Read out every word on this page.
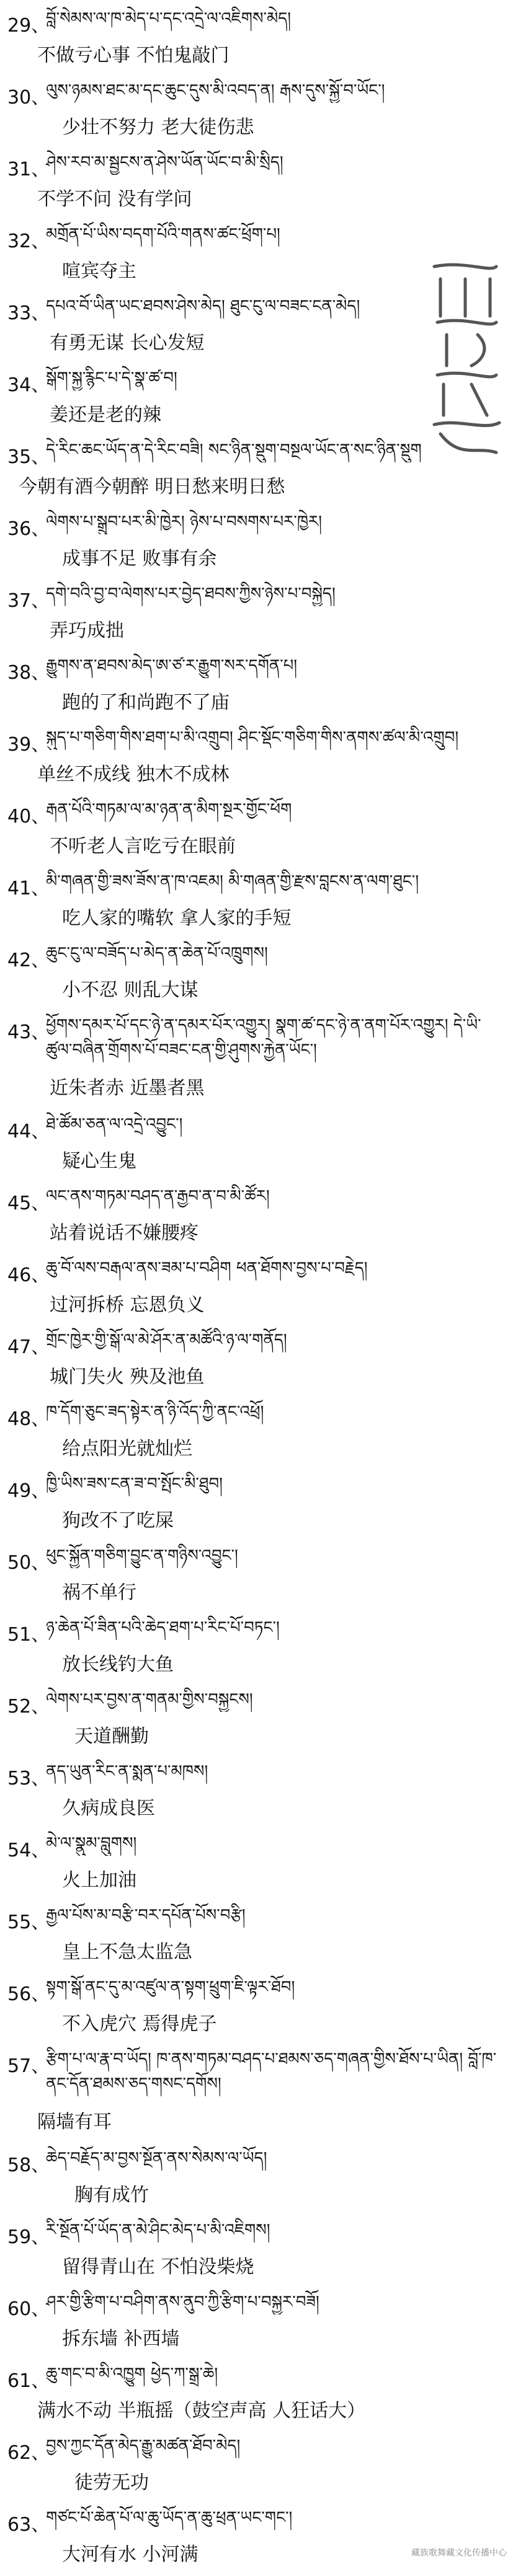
29、
བློ་སེམས་ལ་ཁ་མེད་པ་དང་འདྲེ་ལ་འཇིགས་མེད།
不做亏心事 不怕鬼敲门
30、
ལུས་ཉམས་ཐང་མ་དང་ཆུང་དུས་མི་འབད་ན། རྒས་དུས་སྐྱོ་བ་ཡོང་།
少壮不努力 老大徒伤悲
31、
ཤེས་རབ་མ་སྦྱངས་ན་ཤེས་ཡོན་ཡོང་བ་མི་སྲིད།
不学不问 没有学问
32、
མགྲོན་པོ་ཡིས་བདག་པོའི་གནས་ཚང་ཕྲོག་པ།
喧宾夺主
33、
དཔའ་བོ་ཡིན་ཡང་ཐབས་ཤེས་མེད། ཐུང་ངུ་ལ་བཟང་ངན་མེད།
有勇无谋 长心发短
34、
སྒོག་སྐྱ་རྙིང་པ་དེ་སྣ་ཚ་བ།
姜还是老的辣
35、
དེ་རིང་ཆང་ཡོད་ན་དེ་རིང་བཟི། སང་ཉིན་སྡུག་བསྔལ་ཡོང་ན་སང་ཉིན་སྡུག
今朝有酒今朝醉 明日愁来明日愁
36、
ལེགས་པ་སྒྲུབ་པར་མི་ཁྱེར། ཉེས་པ་བསགས་པར་ཁྱེར།
成事不足 败事有余
37、
དགེ་བའི་བྱ་བ་ལེགས་པར་བྱེད་ཐབས་ཀྱིས་ཉེས་པ་བསྐྱེད།
弄巧成拙
38、
རྒྱུགས་ན་ཐབས་མེད་ཨ་ཙ་ར་རྒྱུག་སར་དགོན་པ།
跑的了和尚跑不了庙
39、
སྐུད་པ་གཅིག་གིས་ཐག་པ་མི་འགྲུབ། ཤིང་སྡོང་གཅིག་གིས་ནགས་ཚལ་མི་འགྲུབ།
单丝不成线 独木不成林
40、
རྒན་པོའི་གཏམ་ལ་མ་ཉན་ན་མིག་སྔར་གྱོང་ཕོག
不听老人言吃亏在眼前
41、
མི་གཞན་གྱི་ཟས་ཟོས་ན་ཁ་འཇམ། མི་གཞན་གྱི་རྫས་བླངས་ན་ལག་ཐུང་།
吃人家的嘴软 拿人家的手短
42、
ཆུང་ངུ་ལ་བཟོད་པ་མེད་ན་ཆེན་པོ་འཁྲུགས།
小不忍 则乱大谋
43、
ཕྱོགས་དམར་པོ་དང་ཉེ་ན་དམར་པོར་འགྱུར། སྣག་ཚ་དང་ཉེ་ན་ནག་པོར་འགྱུར། དེ་ཡི་ཚུལ་བཞིན་གྲོགས་པོ་བཟང་ངན་གྱི་ཤུགས་རྐྱེན་ཡོང་།
近朱者赤 近墨者黑
44、
ཐེ་ཚོམ་ཅན་ལ་འདྲེ་འབྱུང་།
疑心生鬼
45、
ལང་ནས་གཏམ་བཤད་ན་རྒྱབ་ན་བ་མི་ཚོར།
站着说话不嫌腰疼
46、
ཆུ་བོ་ལས་བརྒལ་ནས་ཟམ་པ་བཤིག ཕན་ཐོགས་བྱས་པ་བརྗེད།
过河拆桥 忘恩负义
47、
གྲོང་ཁྱེར་གྱི་སྒོ་ལ་མེ་ཤོར་ན་མཚོའི་ཉ་ལ་གནོད།
城门失火 殃及池鱼
48、
ཁ་དོག་ཅུང་ཟད་སྟེར་ན་ཉི་འོད་ཀྱི་ནང་འཕྲོ།
给点阳光就灿烂
49、
ཁྱི་ཡིས་ཟས་ངན་ཟ་བ་སྤོང་མི་ཐུབ།
狗改不了吃屎
50、
ཕུང་སྐྱོན་གཅིག་བྱུང་ན་གཉིས་འབྱུང་།
祸不单行
51、
ཉ་ཆེན་པོ་ཟིན་པའི་ཆེད་ཐག་པ་རིང་པོ་བཏང་།
放长线钓大鱼
52、
ལེགས་པར་བྱས་ན་གནམ་གྱིས་བསྐྱངས།
天道酬勤
53、
ནད་ཡུན་རིང་ན་སྨན་པ་མཁས།
久病成良医
54、
མེ་ལ་སྣུམ་བླུགས།
火上加油
55、
རྒྱལ་པོས་མ་བརྩི་བར་དཔོན་པོས་བརྩི།
皇上不急太监急
56、
སྟག་སྒོ་ནང་དུ་མ་འཛུལ་ན་སྟག་ཕྲུག་ཇི་ལྟར་ཐོབ།
不入虎穴 焉得虎子
57、
རྩིག་པ་ལ་རྣ་བ་ཡོད། ཁ་ནས་གཏམ་བཤད་པ་ཐམས་ཅད་གཞན་གྱིས་ཐོས་པ་ཡིན། བློ་ཁ་ནང་དོན་ཐམས་ཅད་གསང་དགོས།
隔墙有耳
58、
ཆེད་བརྗོད་མ་བྱས་སྔོན་ནས་སེམས་ལ་ཡོད།
胸有成竹
59、
རི་སྔོན་པོ་ཡོད་ན་མེ་ཤིང་མེད་པ་མི་འཇིགས།
留得青山在 不怕没柴烧
60、
ཤར་གྱི་རྩིག་པ་བཤིག་ནས་ནུབ་ཀྱི་རྩིག་པ་བསྐྱར་བཟོ།
拆东墙 补西墙
61、
ཆུ་གང་བ་མི་འཁྱུག ཕྱེད་ཀ་སྒྲ་ཆེ།
满水不动 半瓶摇（鼓空声高 人狂话大）
62、
བྱས་ཀྱང་དོན་མེད་རྒྱུ་མཚན་ཐོབ་མེད།
徒劳无功
63、
གཙང་པོ་ཆེན་པོ་ལ་ཆུ་ཡོད་ན་ཆུ་ཕྲན་ཡང་གང་།
大河有水 小河满	藏族歌舞藏文化传播中心
